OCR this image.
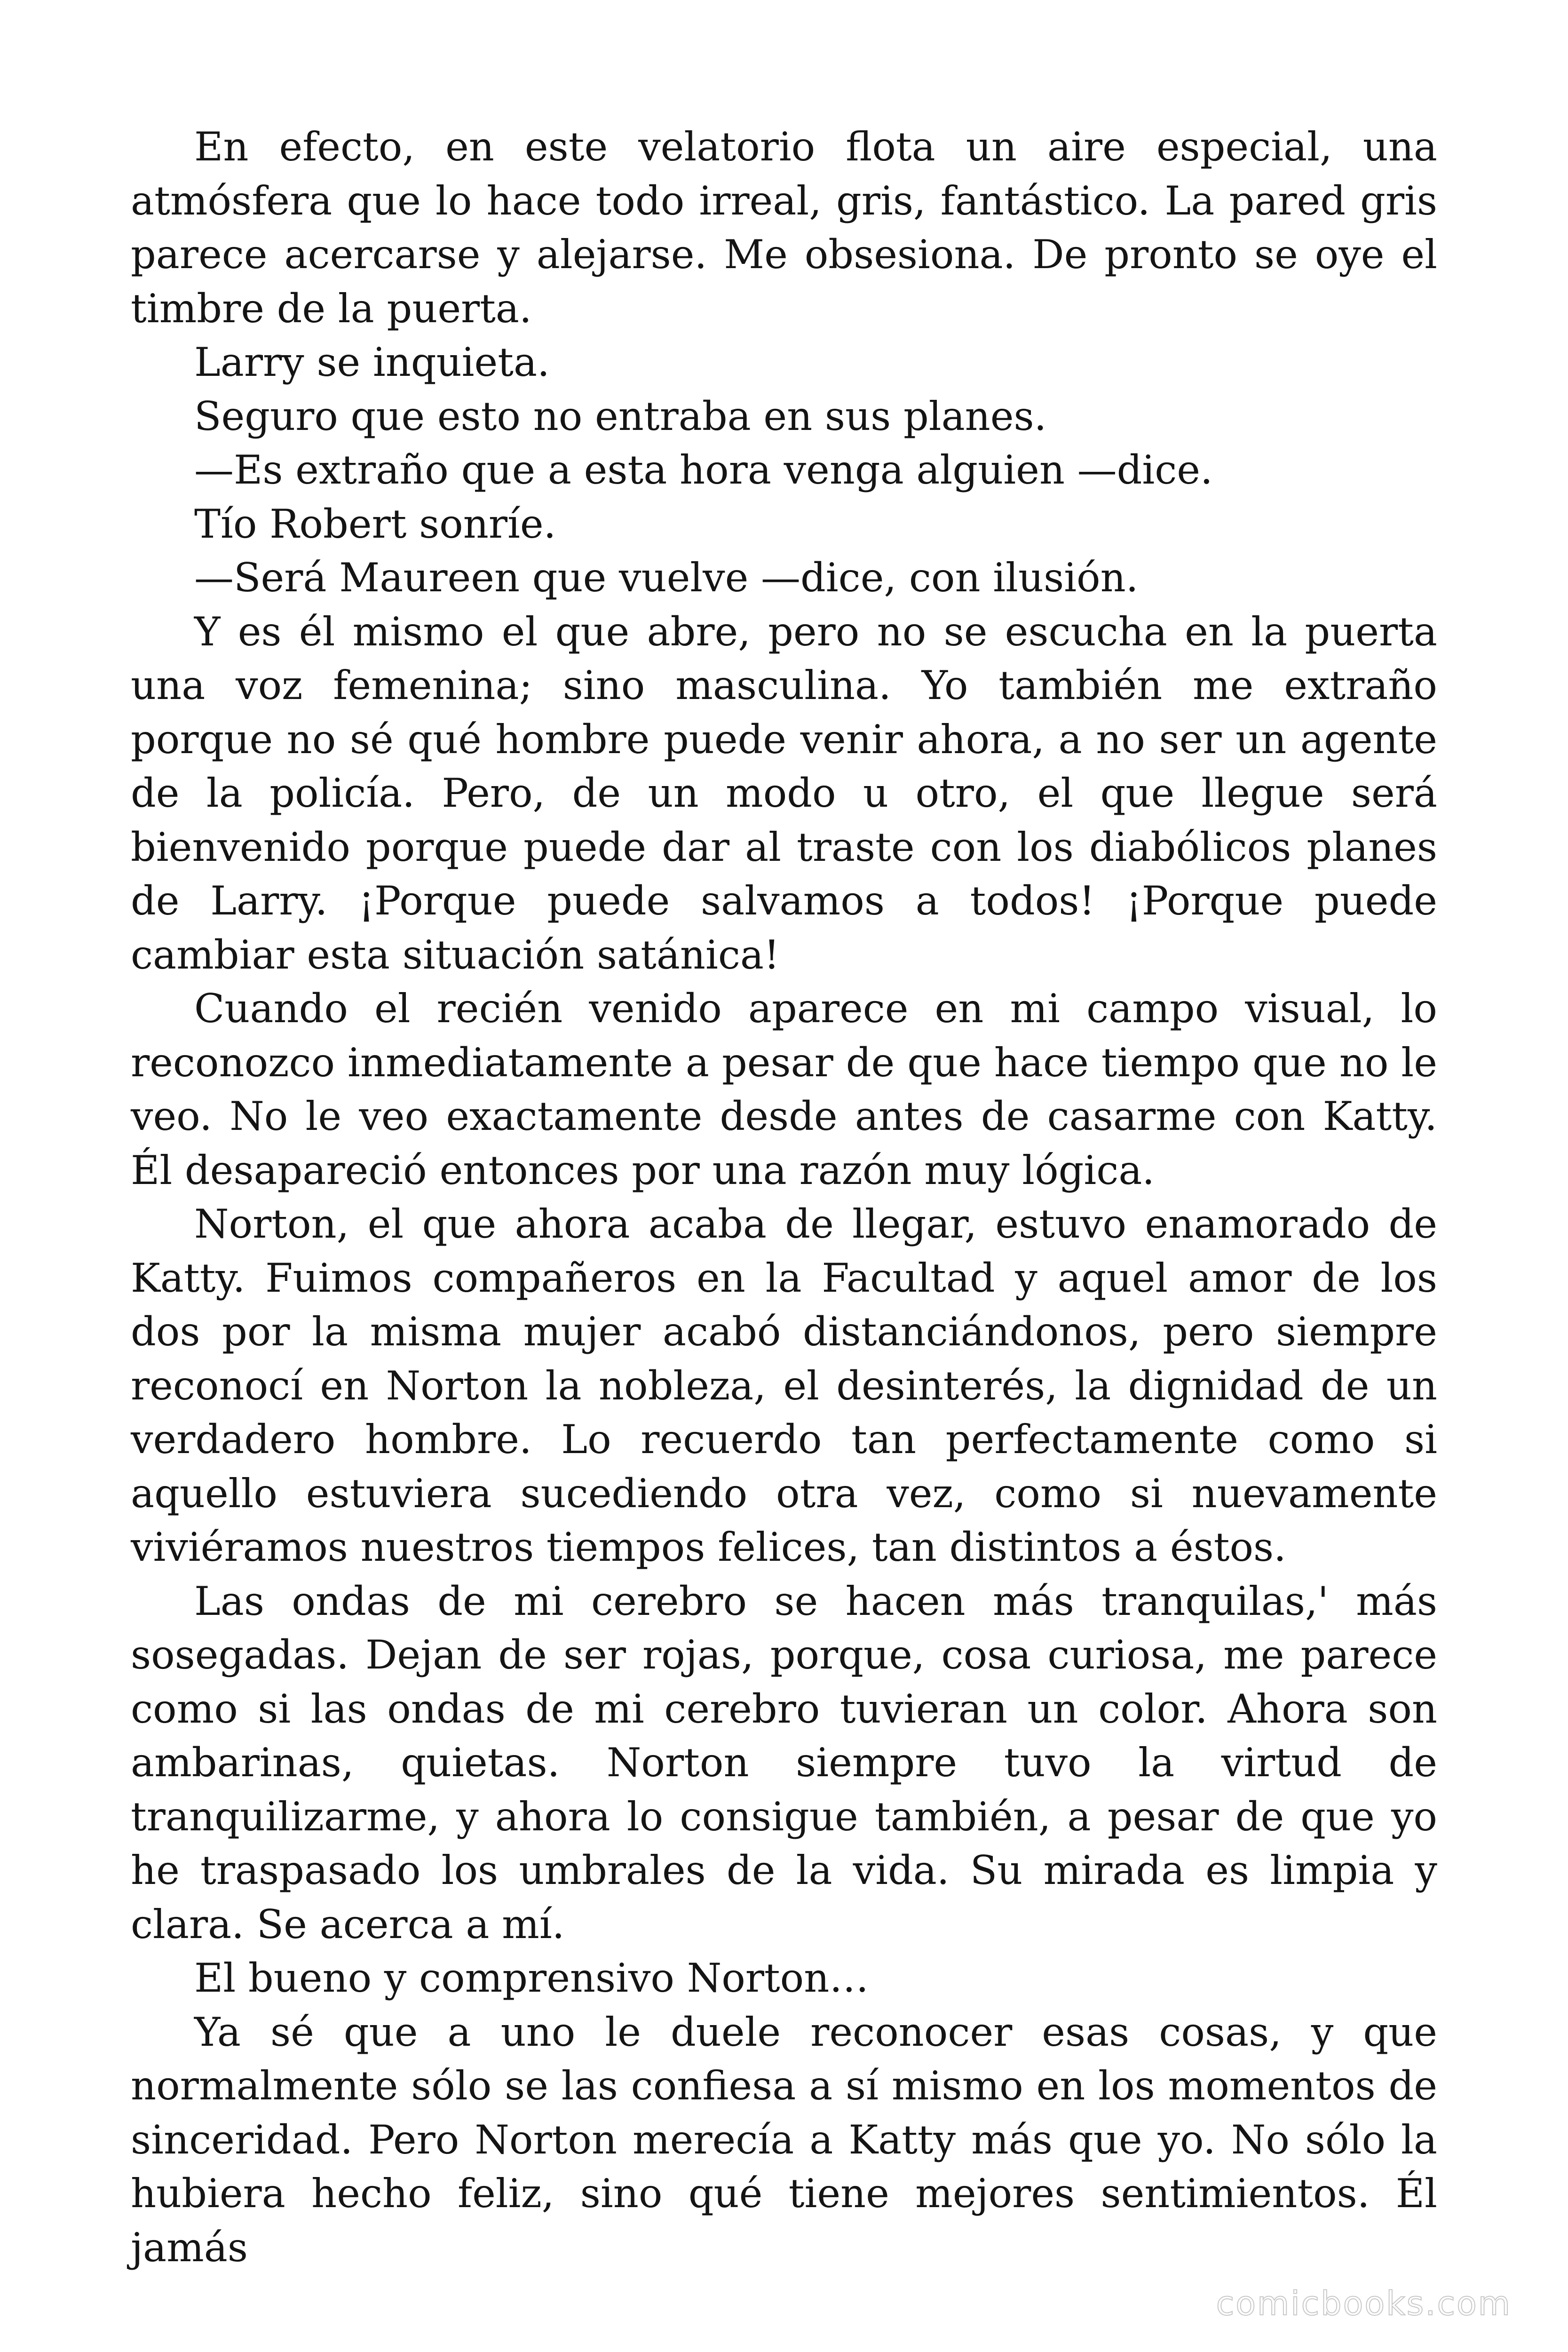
En efecto, en este velatorio flota un aire especial, una atmósfera que lo hace todo irreal, gris, fantástico. La pared gris parece acercarse y alejarse. Me obsesiona. De pronto se oye el timbre de la puerta.

Larry se inquieta.

Seguro que esto no entraba en sus planes.

—Es extraño que a esta hora venga alguien —dice.

Tío Robert sonríe.

—Será Maureen que vuelve —dice, con ilusión.

Y es él mismo el que abre, pero no se escucha en la puerta una voz femenina; sino masculina. Yo también me extraño porque no sé qué hombre puede venir ahora, a no ser un agente de la policía. Pero, de un modo u otro, el que llegue será bienvenido porque puede dar al traste con los diabólicos planes de Larry. ¡Porque puede salvamos a todos! ¡Porque puede cambiar esta situación satánica!

Cuando el recién venido aparece en mi campo visual, lo reconozco inmediatamente a pesar de que hace tiempo que no le veo. No le veo exactamente desde antes de casarme con Katty. Él desapareció entonces por una razón muy lógica.

Norton, el que ahora acaba de llegar, estuvo enamorado de Katty. Fuimos compañeros en la Facultad y aquel amor de los dos por la misma mujer acabó distanciándonos, pero siempre reconocí en Norton la nobleza, el desinterés, la dignidad de un verdadero hombre. Lo recuerdo tan perfectamente como si aquello estuviera sucediendo otra vez, como si nuevamente viviéramos nuestros tiempos felices, tan distintos a éstos.

Las ondas de mi cerebro se hacen más tranquilas,' más sosegadas. Dejan de ser rojas, porque, cosa curiosa, me parece como si las ondas de mi cerebro tuvieran un color. Ahora son ambarinas, quietas. Norton siempre tuvo la virtud de tranquilizarme, y ahora lo consigue también, a pesar de que yo he traspasado los umbrales de la vida. Su mirada es limpia y clara. Se acerca a mí.

El bueno y comprensivo Norton…

Ya sé que a uno le duele reconocer esas cosas, y que normalmente sólo se las confiesa a sí mismo en los momentos de sinceridad. Pero Norton merecía a Katty más que yo. No sólo la hubiera hecho feliz, sino qué tiene mejores sentimientos. Él jamás

comicbooks.com
